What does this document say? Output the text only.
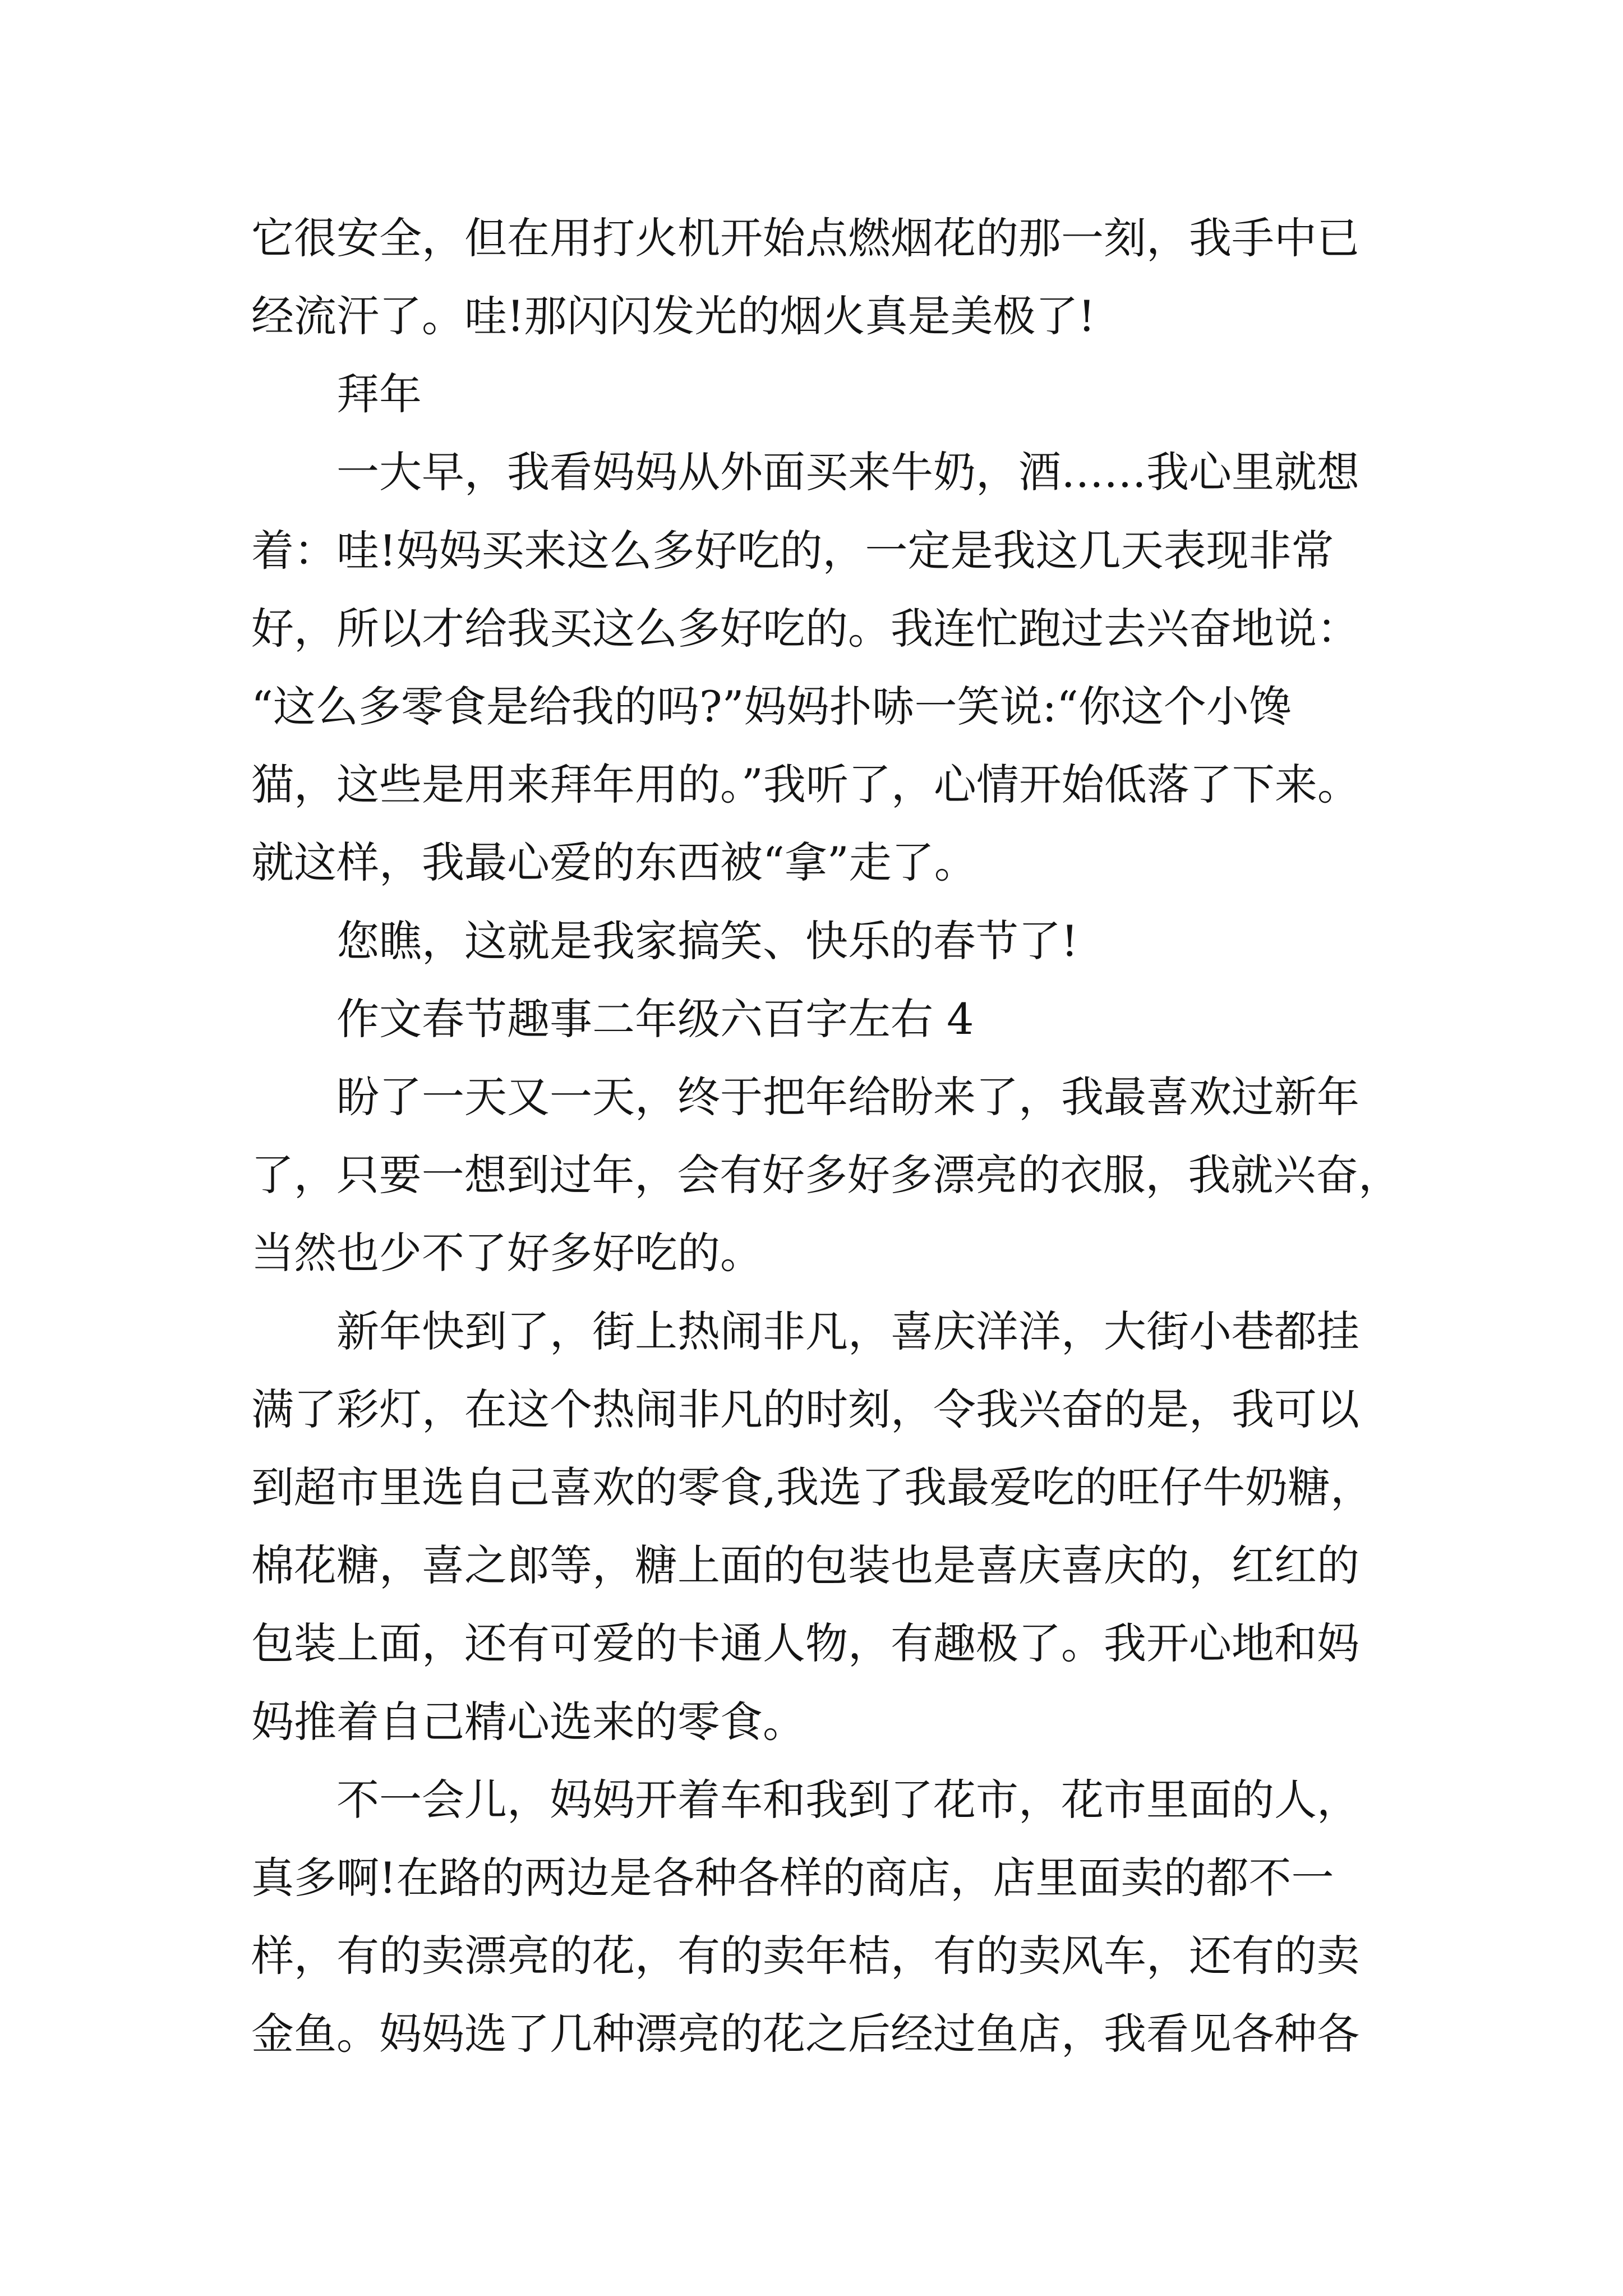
它很安全，但在用打火机开始点燃烟花的那一刻，我手中已
经流汗了。哇!那闪闪发光的烟火真是美极了!
拜年
一大早，我看妈妈从外面买来牛奶，酒……我心里就想
着：哇!妈妈买来这么多好吃的，一定是我这几天表现非常
好，所以才给我买这么多好吃的。我连忙跑过去兴奋地说：
“这么多零食是给我的吗?”妈妈扑哧一笑说:“你这个小馋
猫，这些是用来拜年用的。”我听了，心情开始低落了下来。
就这样，我最心爱的东西被“拿”走了。
您瞧，这就是我家搞笑、快乐的春节了!
作文春节趣事二年级六百字左右 4
盼了一天又一天，终于把年给盼来了，我最喜欢过新年
了，只要一想到过年，会有好多好多漂亮的衣服，我就兴奋，
当然也少不了好多好吃的。
新年快到了，街上热闹非凡，喜庆洋洋，大街小巷都挂
满了彩灯，在这个热闹非凡的时刻，令我兴奋的是，我可以
到超市里选自己喜欢的零食,我选了我最爱吃的旺仔牛奶糖，
棉花糖，喜之郎等，糖上面的包装也是喜庆喜庆的，红红的
包装上面，还有可爱的卡通人物，有趣极了。我开心地和妈
妈推着自己精心选来的零食。
不一会儿，妈妈开着车和我到了花市，花市里面的人，
真多啊!在路的两边是各种各样的商店，店里面卖的都不一
样，有的卖漂亮的花，有的卖年桔，有的卖风车，还有的卖
金鱼。妈妈选了几种漂亮的花之后经过鱼店，我看见各种各
